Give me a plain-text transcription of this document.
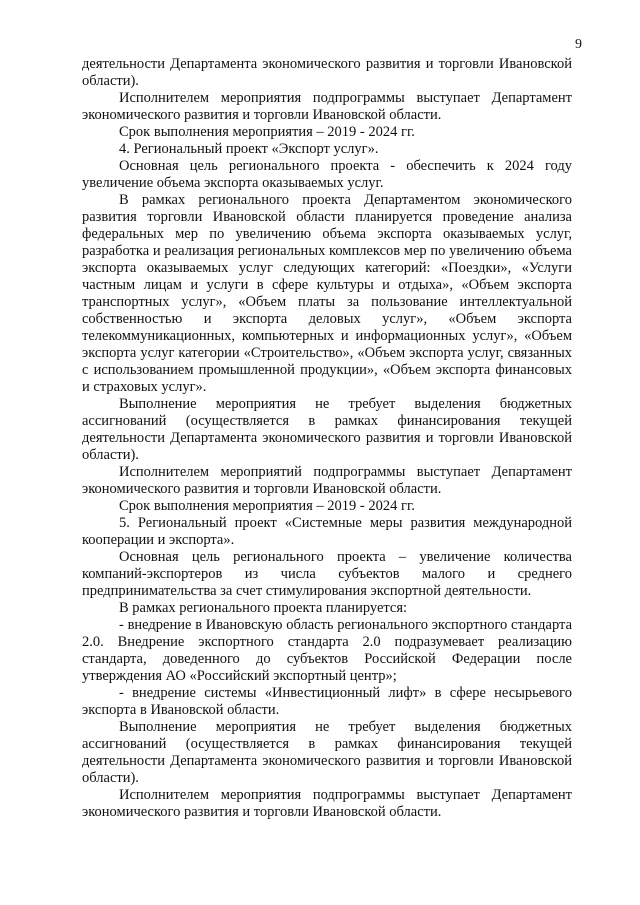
9

деятельности Департамента экономического развития и торговли Ивановской области).

Исполнителем мероприятия подпрограммы выступает Департамент экономического развития и торговли Ивановской области.

Срок выполнения мероприятия – 2019 - 2024 гг.

4. Региональный проект «Экспорт услуг».

Основная цель регионального проекта - обеспечить к 2024 году увеличение объема экспорта оказываемых услуг.

В рамках регионального проекта Департаментом экономического развития торговли Ивановской области планируется проведение анализа федеральных мер по увеличению объема экспорта оказываемых услуг, разработка и реализация региональных комплексов мер по увеличению объема экспорта оказываемых услуг следующих категорий: «Поездки», «Услуги частным лицам и услуги в сфере культуры и отдыха», «Объем экспорта транспортных услуг», «Объем платы за пользование интеллектуальной собственностью и экспорта деловых услуг», «Объем экспорта телекоммуникационных, компьютерных и информационных услуг», «Объем экспорта услуг категории «Строительство», «Объем экспорта услуг, связанных с использованием промышленной продукции», «Объем экспорта финансовых и страховых услуг».

Выполнение мероприятия не требует выделения бюджетных ассигнований (осуществляется в рамках финансирования текущей деятельности Департамента экономического развития и торговли Ивановской области).

Исполнителем мероприятий подпрограммы выступает Департамент экономического развития и торговли Ивановской области.

Срок выполнения мероприятия – 2019 - 2024 гг.

5. Региональный проект «Системные меры развития международной кооперации и экспорта».

Основная цель регионального проекта – увеличение количества компаний-экспортеров из числа субъектов малого и среднего предпринимательства за счет стимулирования экспортной деятельности.

В рамках регионального проекта планируется:

- внедрение в Ивановскую область регионального экспортного стандарта 2.0. Внедрение экспортного стандарта 2.0 подразумевает реализацию стандарта, доведенного до субъектов Российской Федерации после утверждения АО «Российский экспортный центр»;

- внедрение системы «Инвестиционный лифт» в сфере несырьевого экспорта в Ивановской области.

Выполнение мероприятия не требует выделения бюджетных ассигнований (осуществляется в рамках финансирования текущей деятельности Департамента экономического развития и торговли Ивановской области).

Исполнителем мероприятия подпрограммы выступает Департамент экономического развития и торговли Ивановской области.
